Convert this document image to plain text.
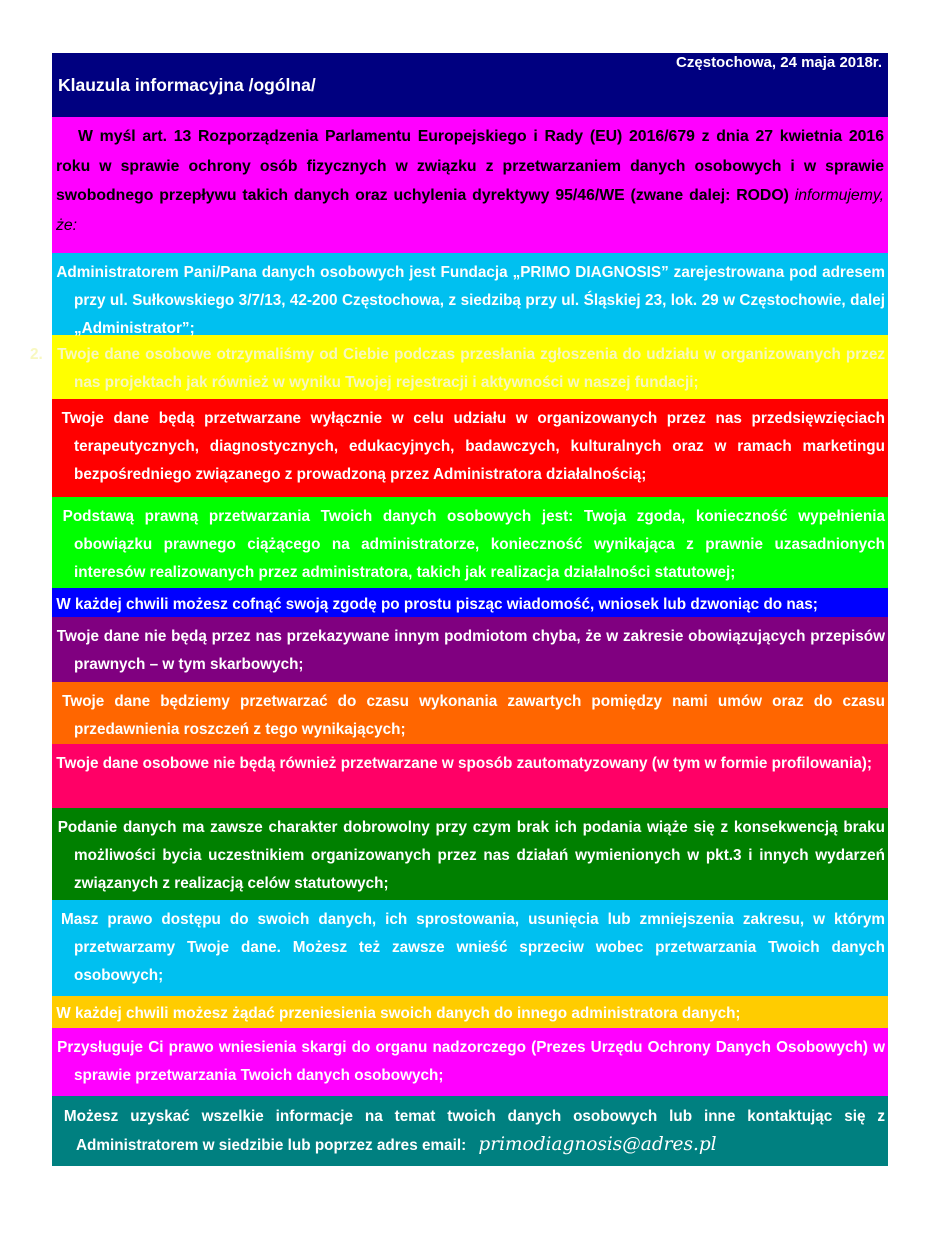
Częstochowa, 24 maja 2018r.
Klauzula informacyjna /ogólna/
W myśl art. 13 Rozporządzenia Parlamentu Europejskiego i Rady (EU) 2016/679 z dnia 27 kwietnia 2016 roku w sprawie ochrony osób fizycznych w związku z przetwarzaniem danych osobowych i w sprawie swobodnego przepływu takich danych oraz uchylenia dyrektywy 95/46/WE (zwane dalej: RODO) informujemy, że:
1. Administratorem Pani/Pana danych osobowych jest Fundacja „PRIMO DIAGNOSIS” zarejestrowana pod adresem przy ul. Sułkowskiego 3/7/13, 42-200 Częstochowa, z siedzibą przy ul. Śląskiej 23, lok. 29 w Częstochowie, dalej „Administrator”;
2. Twoje dane osobowe otrzymaliśmy od Ciebie podczas przesłania zgłoszenia do udziału w organizowanych przez nas projektach jak również w wyniku Twojej rejestracji i aktywności w naszej fundacji;
3. Twoje dane będą przetwarzane wyłącznie w celu udziału w organizowanych przez nas przedsięwzięciach terapeutycznych, diagnostycznych, edukacyjnych, badawczych, kulturalnych oraz w ramach marketingu bezpośredniego związanego z prowadzoną przez Administratora działalnością;
4. Podstawą prawną przetwarzania Twoich danych osobowych jest: Twoja zgoda, konieczność wypełnienia obowiązku prawnego ciążącego na administratorze, konieczność wynikająca z prawnie uzasadnionych interesów realizowanych przez administratora, takich jak realizacja działalności statutowej;
5. W każdej chwili możesz cofnąć swoją zgodę po prostu pisząc wiadomość, wniosek lub dzwoniąc do nas;
6. Twoje dane nie będą przez nas przekazywane innym podmiotom chyba, że w zakresie obowiązujących przepisów prawnych – w tym skarbowych;
7. Twoje dane będziemy przetwarzać do czasu wykonania zawartych pomiędzy nami umów oraz do czasu przedawnienia roszczeń z tego wynikających;
8. Twoje dane osobowe nie będą również przetwarzane w sposób zautomatyzowany (w tym w formie profilowania);
9. Podanie danych ma zawsze charakter dobrowolny przy czym brak ich podania wiąże się z konsekwencją braku możliwości bycia uczestnikiem organizowanych przez nas działań wymienionych w pkt.3 i innych wydarzeń związanych z realizacją celów statutowych;
10. Masz prawo dostępu do swoich danych, ich sprostowania, usunięcia lub zmniejszenia zakresu, w którym przetwarzamy Twoje dane. Możesz też zawsze wnieść sprzeciw wobec przetwarzania Twoich danych osobowych;
11. W każdej chwili możesz żądać przeniesienia swoich danych do innego administratora danych;
12. Przysługuje Ci prawo wniesienia skargi do organu nadzorczego (Prezes Urzędu Ochrony Danych Osobowych) w sprawie przetwarzania Twoich danych osobowych;
13. Możesz uzyskać wszelkie informacje na temat twoich danych osobowych lub inne kontaktując się z Administratorem w siedzibie lub poprzez adres email: primodiagnosis@adres.pl
